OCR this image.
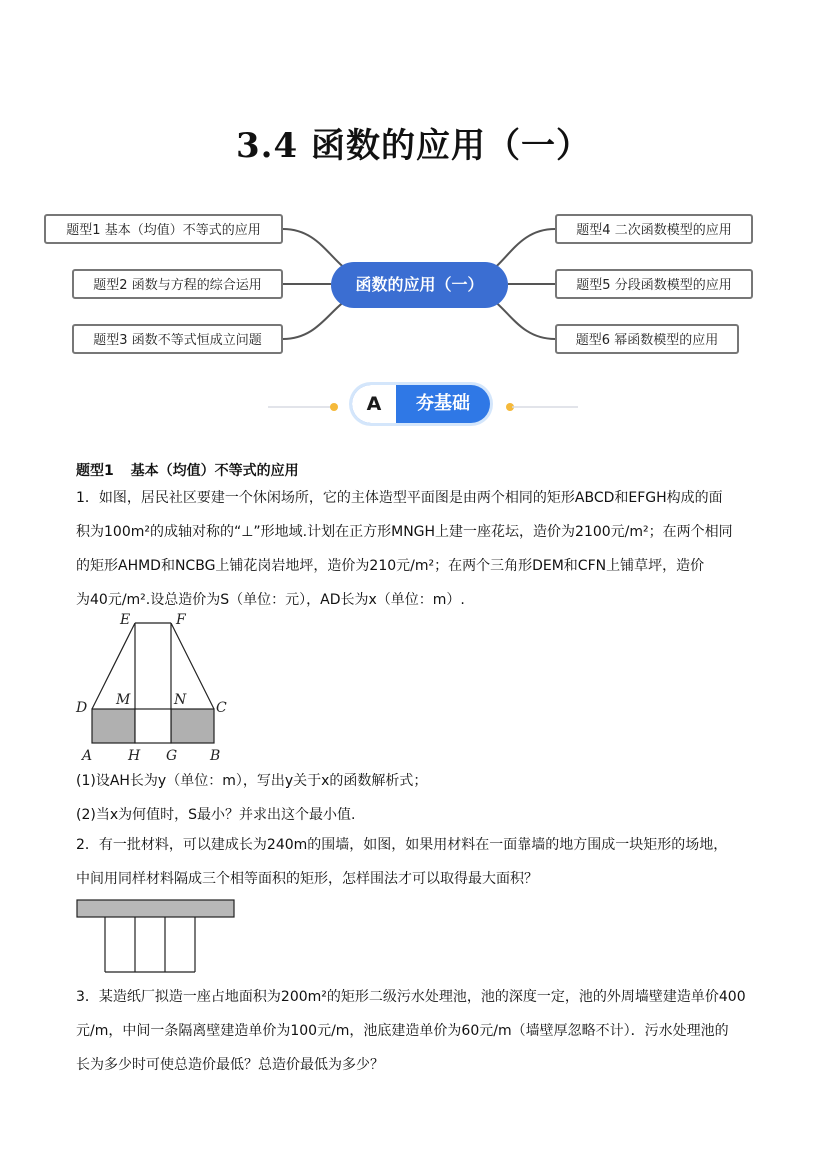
3.4 函数的应用（一）
题型1 基本（均值）不等式的应用
题型2 函数与方程的综合运用
题型3 函数不等式恒成立问题
题型4 二次函数模型的应用
题型5 分段函数模型的应用
题型6 幂函数模型的应用
函数的应用（一）
A	夯基础
题型1 基本（均值）不等式的应用
1．如图，居民社区要建一个休闲场所，它的主体造型平面图是由两个相同的矩形ABCD和EFGH构成的面
积为100m²的成轴对称的“⊥”形地域.计划在正方形MNGH上建一座花坛，造价为2100元/m²；在两个相同
的矩形AHMD和NCBG上铺花岗岩地坪，造价为210元/m²；在两个三角形DEM和CFN上铺草坪，造价
为40元/m².设总造价为S（单位：元），AD长为x（单位：m）.
E	F
D M	N C
A	H G B
(1)设AH长为y（单位：m），写出y关于x的函数解析式；
(2)当x为何值时，S最小？并求出这个最小值.
2．有一批材料，可以建成长为240m的围墙，如图，如果用材料在一面靠墙的地方围成一块矩形的场地，
中间用同样材料隔成三个相等面积的矩形，怎样围法才可以取得最大面积？
3．某造纸厂拟造一座占地面积为200m²的矩形二级污水处理池，池的深度一定，池的外周墙壁建造单价400
元/m，中间一条隔离壁建造单价为100元/m，池底建造单价为60元/m（墙壁厚忽略不计）．污水处理池的
长为多少时可使总造价最低？总造价最低为多少？
